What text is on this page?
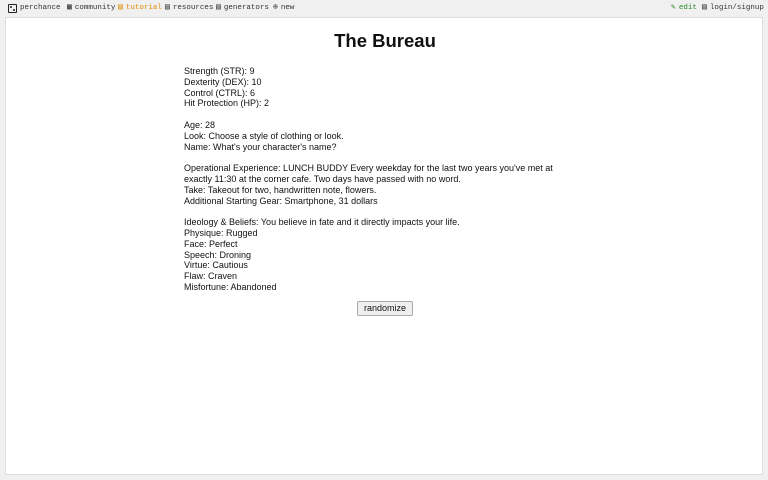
perchance ▦ community ▤ tutorial ▤ resources ▤ generators ⊕ new	✎ edit ▤ login/signup
The Bureau
Strength (STR): 9
Dexterity (DEX): 10
Control (CTRL): 6
Hit Protection (HP): 2
Age: 28
Look: Choose a style of clothing or look.
Name: What's your character's name?
Operational Experience: LUNCH BUDDY Every weekday for the last two years you've met at
exactly 11:30 at the corner cafe. Two days have passed with no word.
Take: Takeout for two, handwritten note, flowers.
Additional Starting Gear: Smartphone, 31 dollars
Ideology & Beliefs: You believe in fate and it directly impacts your life.
Physique: Rugged
Face: Perfect
Speech: Droning
Virtue: Cautious
Flaw: Craven
Misfortune: Abandoned
randomize
